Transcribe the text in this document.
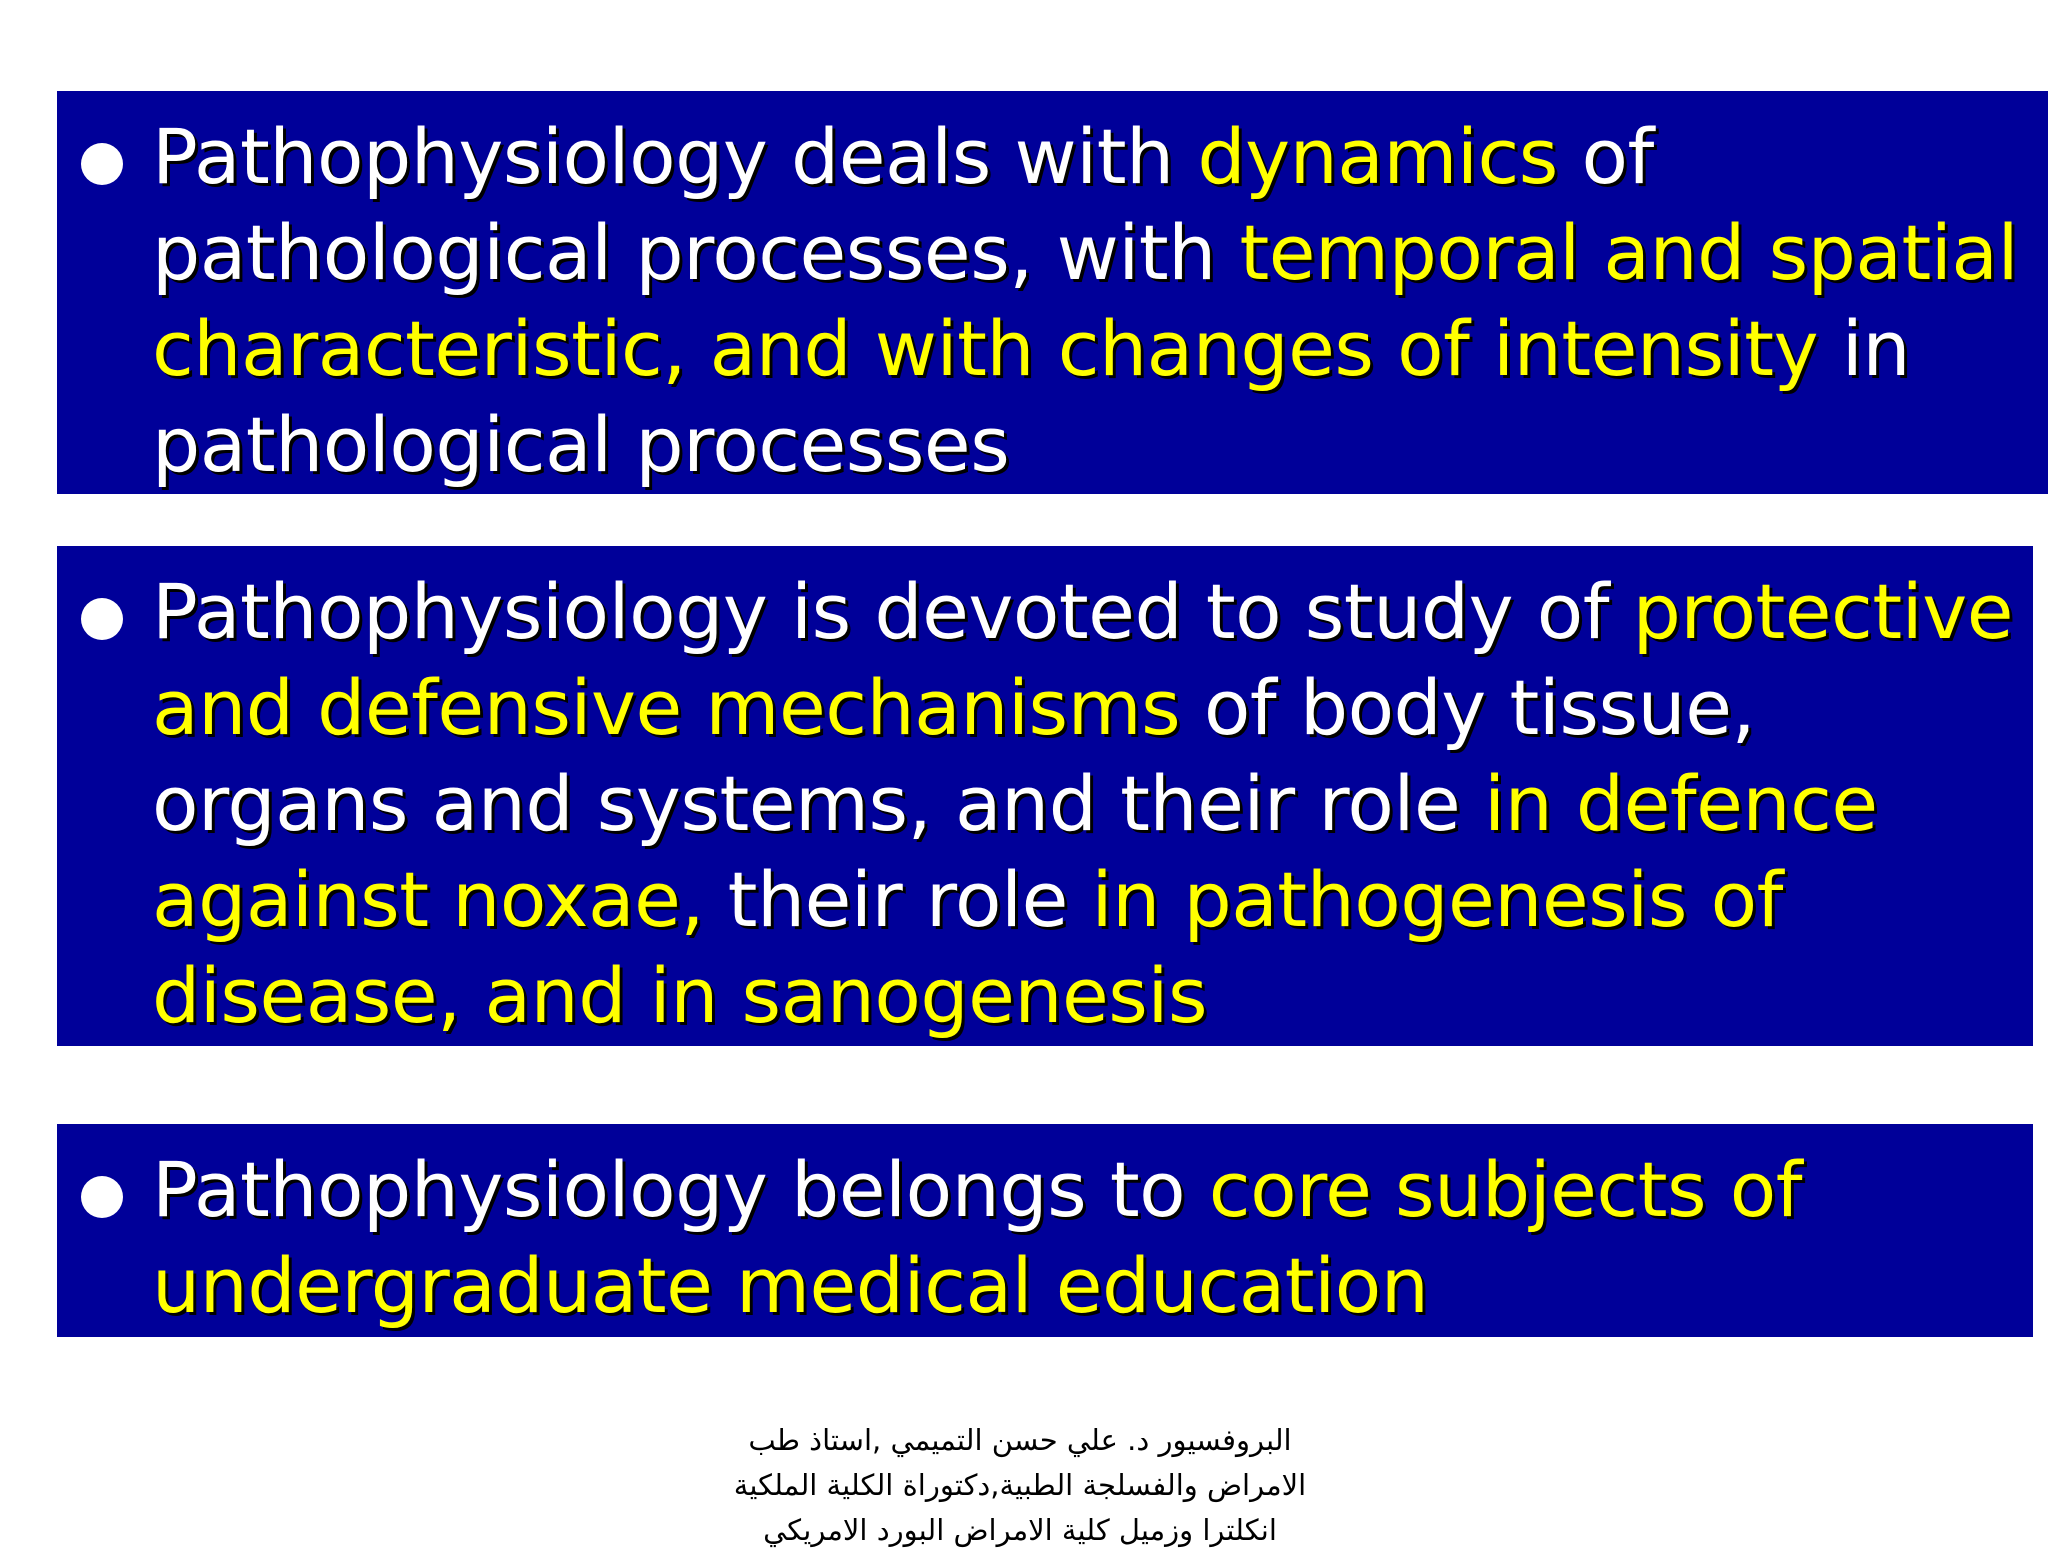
Pathophysiology deals with dynamics of pathological processes, with temporal and spatial characteristic, and with changes of intensity in pathological processes

Pathophysiology is devoted to study of protective and defensive mechanisms of body tissue, organs and systems, and their role in defence against noxae, their role in pathogenesis of disease, and in sanogenesis

Pathophysiology belongs to core subjects of undergraduate medical education

البروفسيور د. علي حسن التميمي ,استاذ طب
الامراض والفسلجة الطبية,دكتوراة الكلية الملكية
انكلترا وزميل كلية الامراض البورد الامريكي
